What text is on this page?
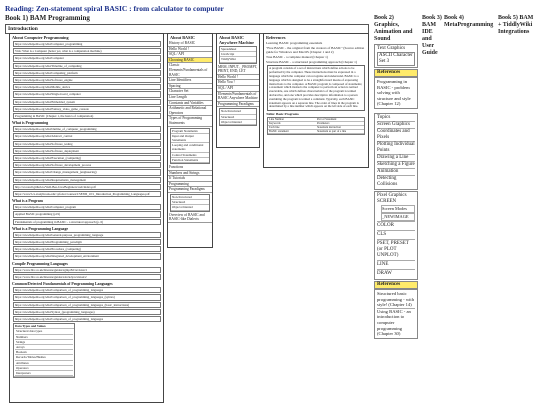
Reading: Zen-statement spiral BASIC : from calculator to computer
Book 1) BAM Programming
Introduction
About Computer Programming
https://en.wikipedia.org/wiki/Computer_programming
Vids: What is a Computer (better yet, what is a computation machine)
https://en.wikipedia.org/wiki/Computer
https://en.wikipedia.org/wiki/Timeline_of_computing
https://en.wikipedia.org/wiki/Computing_platform
https://en.wikipedia.org/wiki/Software_engine
https://en.wikipedia.org/wiki/Mobile_device
https://en.wikipedia.org/wiki/Single-board_computer
https://en.wikipedia.org/wiki/Embedded_system
https://en.wikipedia.org/wiki/Fantasy_video_game_console
Programming in BASIC (Chapter 1, the basics of computation)
What is Programming
https://en.wikipedia.org/wiki/Outline_of_computer_programming
https://en.wikipedia.org/wiki/Abstract_control
https://en.wikipedia.org/wiki/Software_testing
https://en.wikipedia.org/wiki/Software_deployment
https://en.wikipedia.org/wiki/Execution_(computing)
https://en.wikipedia.org/wiki/Software_development_process
https://en.wikipedia.org/wiki/Change_management_(engineering)
https://en.wikipedia.org/wiki/Requirements_management
http://accessdl.github.io/Well-Bee-Java/Beginners/web/index.pdf
https://www3.cs.stonybrook.edu/~pfodor/courses/CSE306_10/1_Introduction_Programming_Languages.pdf
What is a Program
https://en.wikipedia.org/wiki/Computer_program
Applied BASIC programming (p19)
Fundamentals of programming in BASIC - a structured approach (p. 6)
What is a Programming Language
https://en.wikipedia.org/wiki/General-purpose_programming_language
https://en.wikipedia.org/wiki/Programming_paradigm
https://en.wikipedia.org/wiki/Procedure_(computing)
https://en.wikipedia.org/wiki/Integrated_development_environment
Compile Programming Languages
https://www.bbc.co.uk/bitesize/guides/zgmpr82/revision/1
https://www.bbc.co.uk/bitesize/guides/z4cck2p/revision/2
Common/Detected Fundamentals of Programming Languages
https://en.wikipedia.org/wiki/Comparison_of_programming_languages
https://en.wikipedia.org/wiki/Comparison_of_programming_languages_(syntax)
https://en.wikipedia.org/wiki/Comparison_of_programming_languages_(basic_instructions)
https://en.wikipedia.org/wiki/Syntax_(programming_languages)
https://en.wikipedia.org/wiki/Comparison_of_programming_languages
Data Types and Values
Structural data types
Numbers
Strings
Arrays
Boolean
Records/Tables/Hashes
Attributes
Operators
Interpreters
About BASIC
History of BASIC
Hello World !
SQL / API
Choosing BASIC
Classic Elements/Fundamentals of BASIC
Line Identifiers
Spacing
Character Set
Line Length
Constants and Variables
Arithmetic and Relational Operators
Types of Programming Statements
Program Statements
Input and Output Statements
Looping and conditional statements
Control Statements
Function Statements
Functions
Numbers and Strings
If Tutorials
Programming
Programming Paradigms
Non-Structured
Structured
Object-Oriented
Overview of BASIC and BASIC-like Dialects
About BASIC Anywhere Machine
Spreadsheet
JavaScript
TiddlyWiki
MEM, INPUT, _PROMPT, PRINT, END, LET
Hello World !
Hello You !
SQL / API
Elements/Fundamentals of BASIC Anywhere Machine
Programming Paradigms
Non-Structured
Structured
Object-Oriented
References
Learning BASIC programming essentials
"Free BASIC - the original from the creators of BASIC" (Source edition guide for Windows and MacOS (Chapter 1 and 2)
True BASIC - a complete manual (Chapter 1)
Structure BASIC - a structured programming approach (Chapter 1)
A program consists of a set of instructions which define actions to be performed by the computer. These instructions must be expressed in a language which the computer can recognize and understand. BASIC is a language which is designed to be a straightforward means of expressing instructions to the computer. A BASIC program is composed of statements; a statement which instructs the computer to perform an action is termed executable, one which defines characteristics of the program is termed declarative, and one which provides descriptive information to a person examining the program is termed a comment. Typically, each BASIC statement appears on a separate line. The order of lines in the program is determined by a line number which appears on the left side of each line.
Table: Basic Programs
Line Number	Part of Statement
Keywords	Parameters
Each line	Statement instruction
BASIC statement	Statement as part of a line
Book 2) Graphics, Animation and Sound
Book 3) BAM IDE and User Guide
Book 4) MetaProgramming
Book 5) BAM + TiddlyWiki Integrations
Text Graphics
ASCII Character Set 3
References
Programming in BASIC - problem solving with structure and style (Chapter 12)
Topics
Screen Graphics
Coordinates and Pixels
Plotting Individual Points
Drawing a Line
Sketching a Figure
Animation
Detecting Collisions
Pixel Graphics
SCREEN
Screen Modes
_NEWIMAGE
COLOR
CLS
PSET, PRESET (or PLOT UNPLOT)
LINE
DRAW
References
Structured basic programming - with style! (Chapter 14)
Using BASIC - an introduction to computer programming (Chapter 30)
